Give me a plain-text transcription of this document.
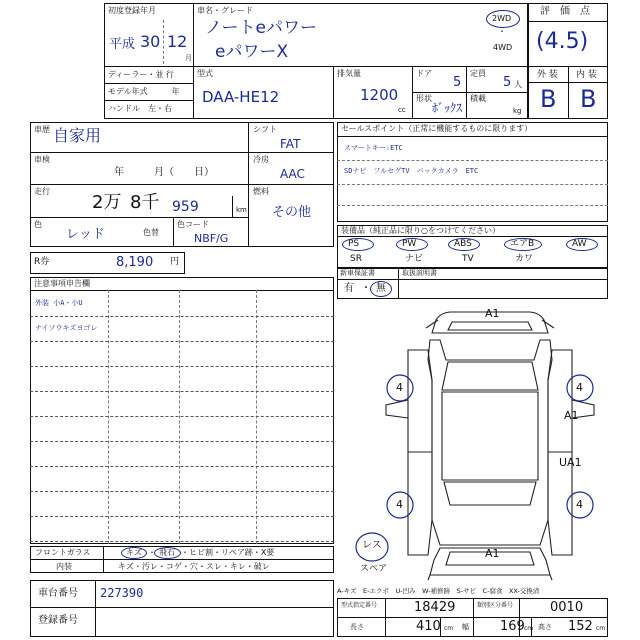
初度登録年月
平成 30 12
月
車名・グレード
ノートeパワー
eパワーX
2WD
・
4WD
評　価　点
(4.5)
外 装 内 装
B B
ディーラー・並 行
モデル年式　　　年
ハンドル　左・右
型式
DAA-HE12
排気量
1200
cc
ドア
5
定員
5 人
形状
ﾎﾞｯｸｽ
積載
kg
車歴 自家用
車検
年　　　月（　　日）
走行
2万 8千 959	km
色
レッド	色替
色コード
NBF/G
シフト
FAT
冷房
AAC
燃料
その他
R券	8,190 円
セールスポイント（正常に機能するものに限ります）
スマートキー☆ETC
SDナビ　フルセグTV　バックカメラ　ETC
装備品（純正品に限り○をつけてください）
PS	PW	ABS	エアB	AW
SR	ナビ	TV	カワ
新車保証書	取扱説明書
有 ・ 無
注意事項申告欄
外装 小A・小U
ナイソウキズヨゴレ
フロントガラス	キズ ・ 飛石 ・ヒビ割・リペア跡・X要
内装	キズ・汚レ・コゲ・穴・スレ・キレ・破レ
車台番号 227390
登録番号
型式指定番号	18429	類別区分番号	0010
長さ	410 cm 幅 169 cm 高さ 152 cm
A1
A1
UA1
A1
4	4
4	4
レス
スペア
A-キズ　E-エクボ　U-凹み　W-補修跡　S-サビ　C-腐食　XX-交換済
